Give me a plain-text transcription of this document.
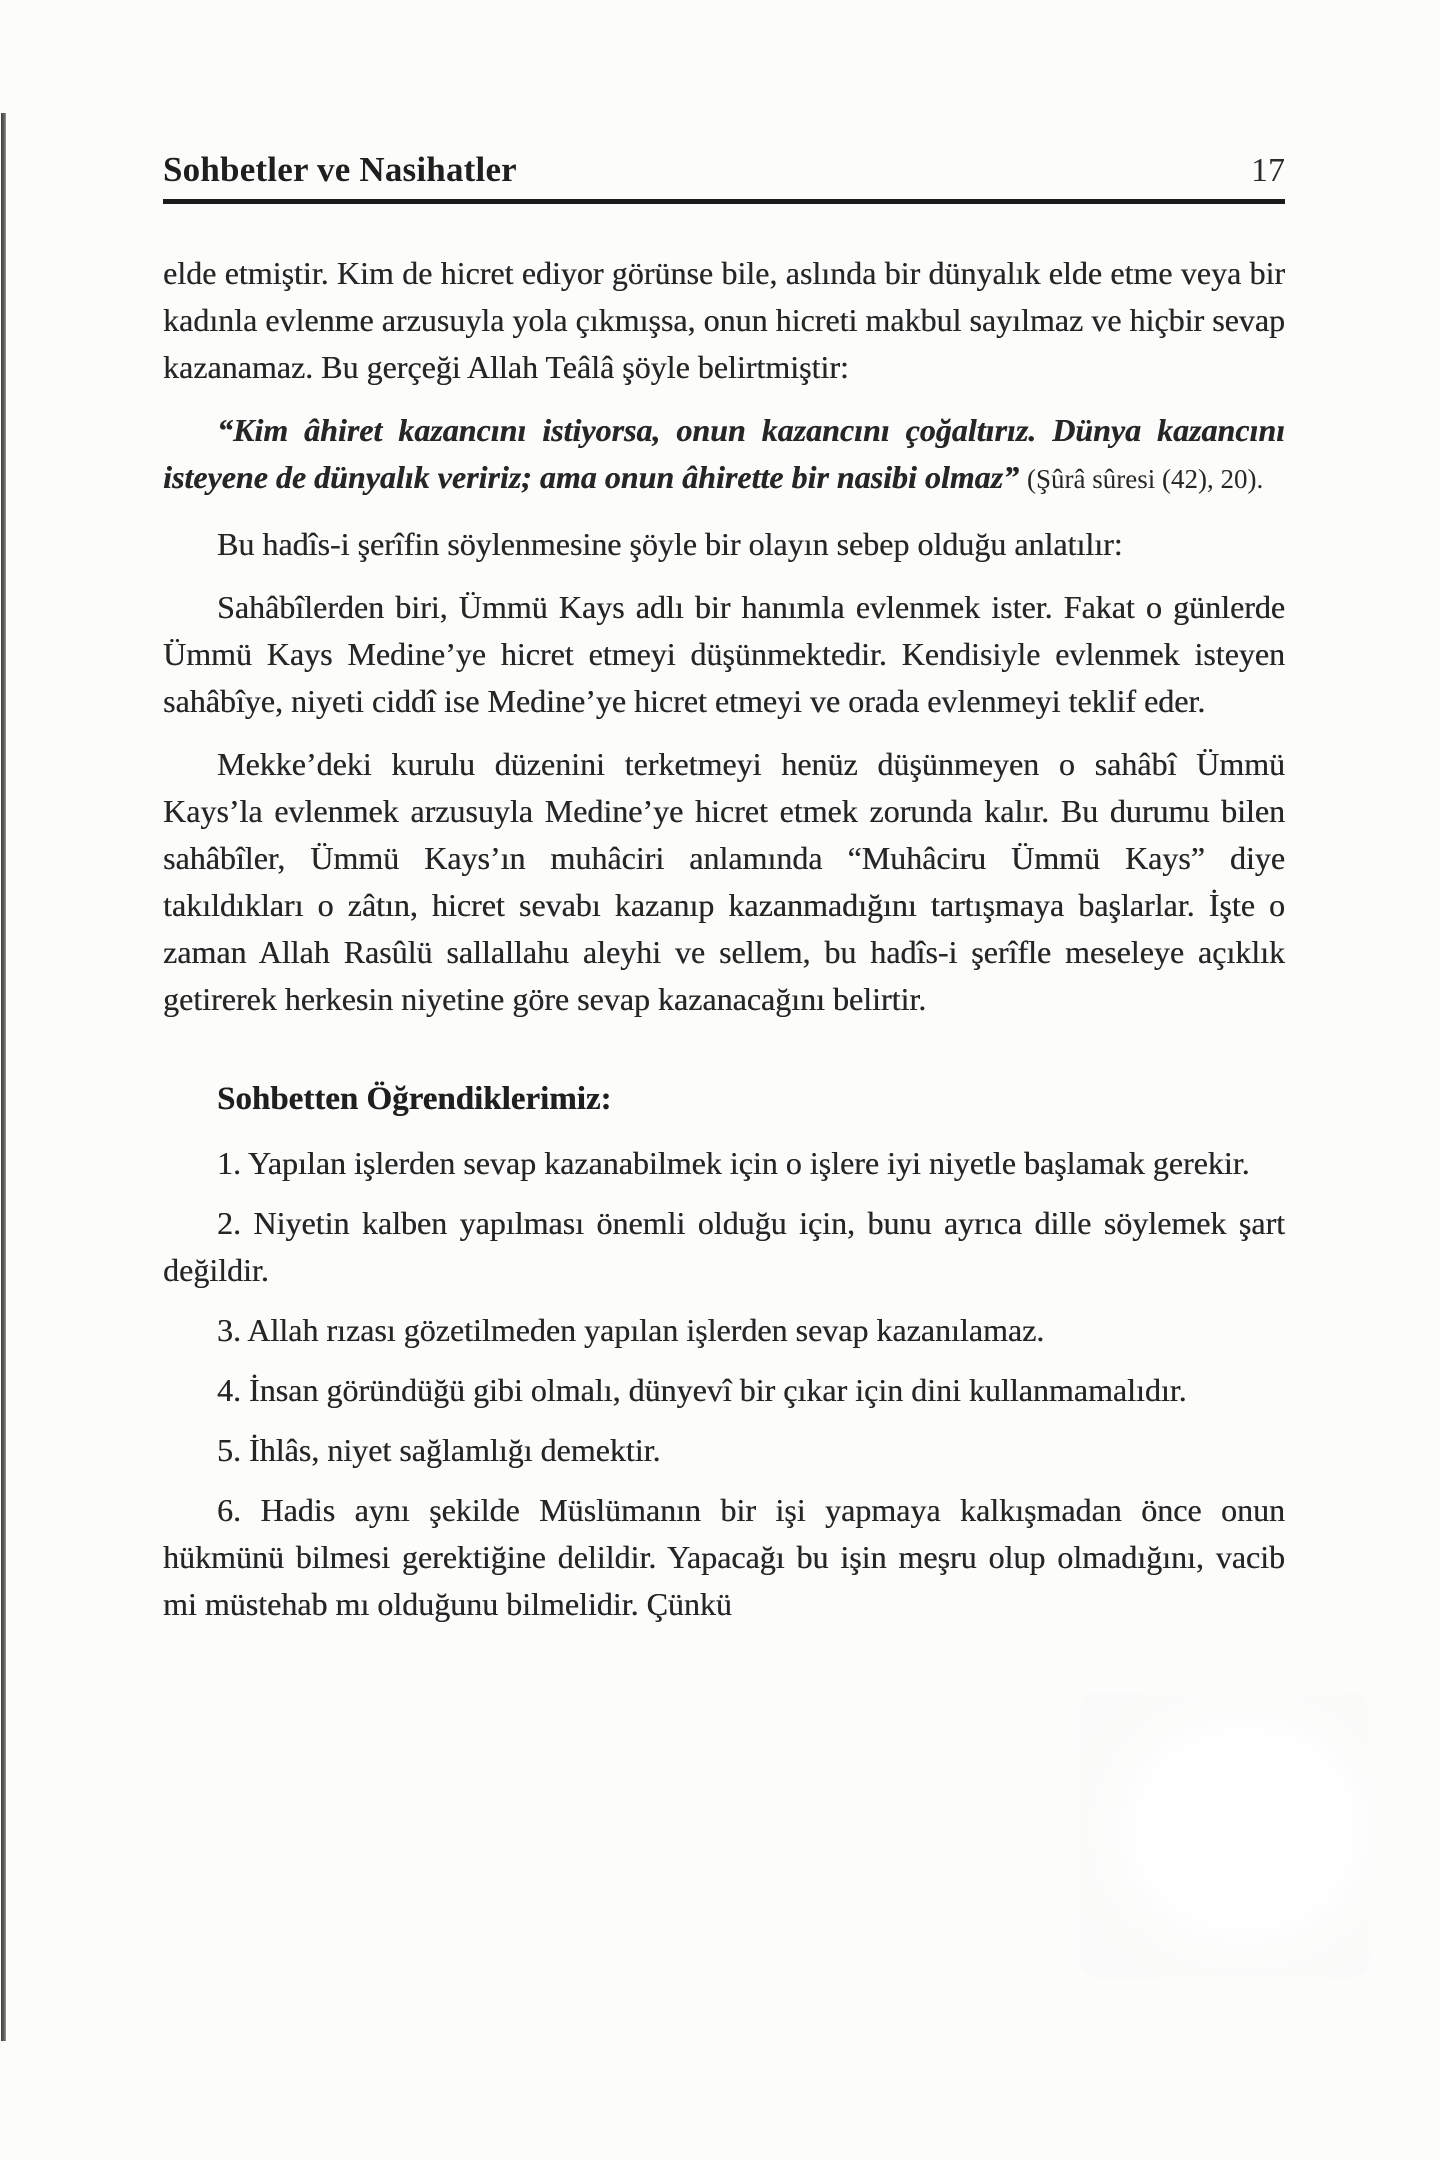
Sohbetler ve Nasihatler	17

elde etmiştir. Kim de hicret ediyor görünse bile, aslında bir dünyalık elde etme veya bir kadınla evlenme arzusuyla yola çıkmışsa, onun hicreti makbul sayılmaz ve hiçbir sevap kazanamaz. Bu gerçeği Allah Teâlâ şöyle belirtmiştir:

“Kim âhiret kazancını istiyorsa, onun kazancını çoğaltırız. Dünya kazancını isteyene de dünyalık veririz; ama onun âhirette bir nasibi olmaz” (Şûrâ sûresi (42), 20).

Bu hadîs-i şerîfin söylenmesine şöyle bir olayın sebep olduğu anlatılır:

Sahâbîlerden biri, Ümmü Kays adlı bir hanımla evlenmek ister. Fakat o günlerde Ümmü Kays Medine’ye hicret etmeyi düşünmektedir. Kendisiyle evlenmek isteyen sahâbîye, niyeti ciddî ise Medine’ye hicret etmeyi ve orada evlenmeyi teklif eder.

Mekke’deki kurulu düzenini terketmeyi henüz düşünmeyen o sahâbî Ümmü Kays’la evlenmek arzusuyla Medine’ye hicret etmek zorunda kalır. Bu durumu bilen sahâbîler, Ümmü Kays’ın muhâciri anlamında “Muhâciru Ümmü Kays” diye takıldıkları o zâtın, hicret sevabı kazanıp kazanmadığını tartışmaya başlarlar. İşte o zaman Allah Rasûlü sallallahu aleyhi ve sellem, bu hadîs-i şerîfle meseleye açıklık getirerek herkesin niyetine göre sevap kazanacağını belirtir.

Sohbetten Öğrendiklerimiz:

1. Yapılan işlerden sevap kazanabilmek için o işlere iyi niyetle başlamak gerekir.

2. Niyetin kalben yapılması önemli olduğu için, bunu ayrıca dille söylemek şart değildir.

3. Allah rızası gözetilmeden yapılan işlerden sevap kazanılamaz.

4. İnsan göründüğü gibi olmalı, dünyevî bir çıkar için dini kullanmamalıdır.

5. İhlâs, niyet sağlamlığı demektir.

6. Hadis aynı şekilde Müslümanın bir işi yapmaya kalkışmadan önce onun hükmünü bilmesi gerektiğine delildir. Yapacağı bu işin meşru olup olmadığını, vacib mi müstehab mı olduğunu bilmelidir. Çünkü
